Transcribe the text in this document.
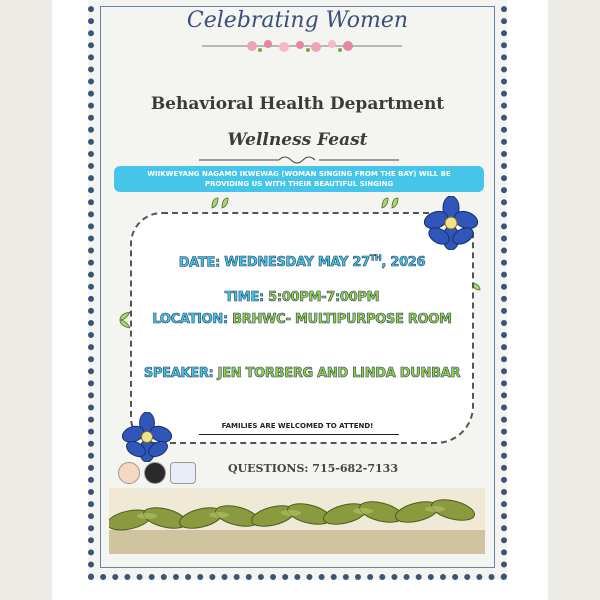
Celebrating Women
Behavioral Health Department
Wellness Feast
WIIKWEYANG NAGAMO IKWEWAG (WOMAN SINGING FROM THE BAY) WILL BE
PROVIDING US WITH THEIR BEAUTIFUL SINGING
DATE: WEDNESDAY MAY 27TH, 2026
TIME: 5:00PM-7:00PM
LOCATION: BRHWC- MULTIPURPOSE ROOM
SPEAKER: JEN TORBERG AND LINDA DUNBAR
FAMILIES ARE WELCOMED TO ATTEND!
QUESTIONS: 715-682-7133
